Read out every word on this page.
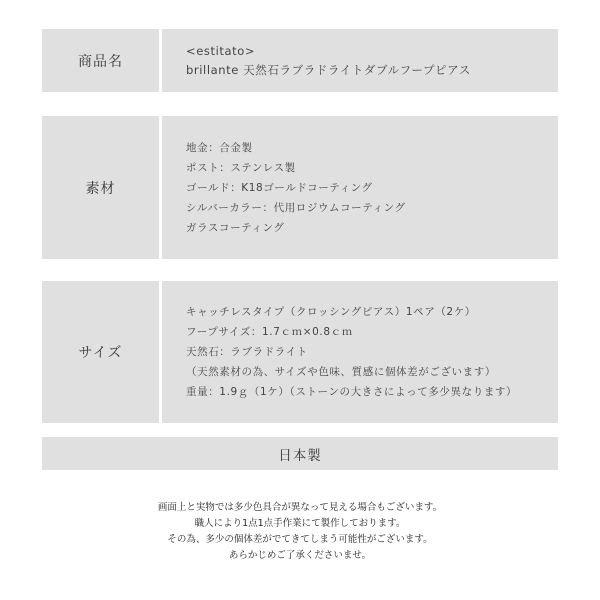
商品名
<estitato>
brillante 天然石ラブラドライトダブルフープピアス
素材
地金：合金製
ポスト：ステンレス製
ゴールド：K18ゴールドコーティング
シルバーカラー：代用ロジウムコーティング
ガラスコーティング
サイズ
キャッチレスタイプ（クロッシングピアス）1ペア（2ケ）
フープサイズ：1.7ｃｍ×0.8ｃｍ
天然石：ラブラドライト
（天然素材の為、サイズや色味、質感に個体差がございます）
重量：1.9ｇ（1ケ）（ストーンの大きさによって多少異なります）
日本製
画面上と実物では多少色具合が異なって見える場合もございます。
職人により1点1点手作業にて製作しております。
その為、多少の個体差がでてきてしまう可能性がございます。
あらかじめご了承くださいませ。
